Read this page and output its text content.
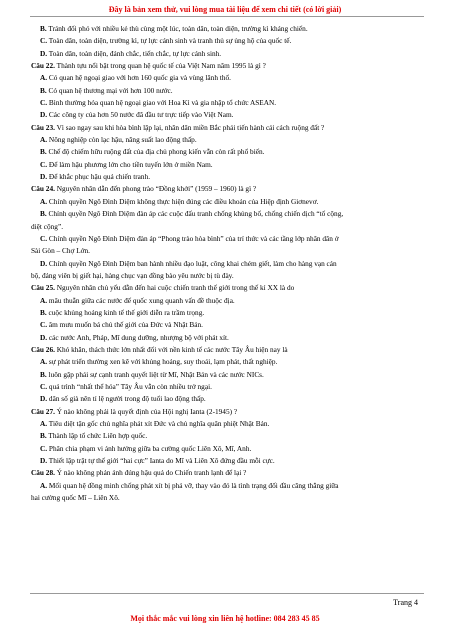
Đây là bản xem thử, vui lòng mua tài liệu để xem chi tiết (có lời giải)
B. Tránh đối phó với nhiều kẻ thù cùng một lúc, toàn dân, toàn diện, trường kì kháng chiến.
C. Toàn dân, toàn diện, trường kì, tự lực cánh sinh và tranh thủ sự ủng hộ của quốc tế.
D. Toàn dân, toàn diện, đánh chắc, tiến chắc, tự lực cánh sinh.
Câu 22. Thành tựu nổi bật trong quan hệ quốc tế của Việt Nam năm 1995 là gì ?
A. Có quan hệ ngoại giao với hơn 160 quốc gia và vùng lãnh thổ.
B. Có quan hệ thương mại với hơn 100 nước.
C. Bình thường hóa quan hệ ngoại giao với Hoa Kì và gia nhập tổ chức ASEAN.
D. Các công ty của hơn 50 nước đã đầu tư trực tiếp vào Việt Nam.
Câu 23. Vì sao ngay sau khi hòa bình lập lại, nhân dân miền Bắc phải tiến hành cải cách ruộng đất ?
A. Nông nghiệp còn lạc hậu, năng suất lao động thấp.
B. Chế độ chiếm hữu ruộng đất của địa chủ phong kiến vẫn còn rất phổ biến.
C. Để làm hậu phương lớn cho tiền tuyến lớn ở miền Nam.
D. Để khắc phục hậu quả chiến tranh.
Câu 24. Nguyên nhân dẫn đến phong trào “Đồng khởi” (1959 – 1960) là gì ?
A. Chính quyền Ngô Đình Diệm không thực hiện đúng các điều khoản của Hiệp định Giơnevơ.
B. Chính quyền Ngô Đình Diệm đàn áp các cuộc đấu tranh chống khủng bố, chống chiến dịch “tố cộng,
diệt cộng”.
C. Chính quyền Ngô Đình Diệm đàn áp “Phong trào hòa bình” của trí thức và các tầng lớp nhân dân ở
Sài Gòn – Chợ Lớn.
D. Chính quyền Ngô Đình Diệm ban hành nhiều đạo luật, công khai chém giết, làm cho hàng vạn cán
bộ, đảng viên bị giết hại, hàng chục vạn đồng bào yêu nước bị tù đày.
Câu 25. Nguyên nhân chủ yếu dẫn đến hai cuộc chiến tranh thế giới trong thế kỉ XX là do
A. mâu thuẫn giữa các nước đế quốc xung quanh vấn đề thuộc địa.
B. cuộc khủng hoảng kinh tế thế giới diễn ra trầm trọng.
C. âm mưu muốn bá chủ thế giới của Đức và Nhật Bản.
D. các nước Anh, Pháp, Mĩ dung dưỡng, nhượng bộ với phát xít.
Câu 26. Khó khăn, thách thức lớn nhất đối với nền kinh tế các nước Tây Âu hiện nay là
A. sự phát triển thường xen kẽ với khủng hoảng, suy thoái, lạm phát, thất nghiệp.
B. luôn gặp phải sự cạnh tranh quyết liệt từ Mĩ, Nhật Bản và các nước NICs.
C. quá trình “nhất thể hóa” Tây Âu vẫn còn nhiều trở ngại.
D. dân số già nên tỉ lệ người trong độ tuổi lao động thấp.
Câu 27. Ý nào không phải là quyết định của Hội nghị Ianta (2-1945) ?
A. Tiêu diệt tận gốc chủ nghĩa phát xít Đức và chủ nghĩa quân phiệt Nhật Bản.
B. Thành lập tổ chức Liên hợp quốc.
C. Phân chia phạm vi ảnh hưởng giữa ba cường quốc Liên Xô, Mĩ, Anh.
D. Thiết lập trật tự thế giới “hai cực” Ianta do Mĩ và Liên Xô đứng đầu mỗi cực.
Câu 28. Ý nào không phản ánh đúng hậu quả do Chiến tranh lạnh để lại ?
A. Mối quan hệ đồng minh chống phát xít bị phá vỡ, thay vào đó là tình trạng đối đầu căng thẳng giữa
hai cường quốc Mĩ – Liên Xô.
Trang 4
Mọi thắc mắc vui lòng xin liên hệ hotline: 084 283 45 85
